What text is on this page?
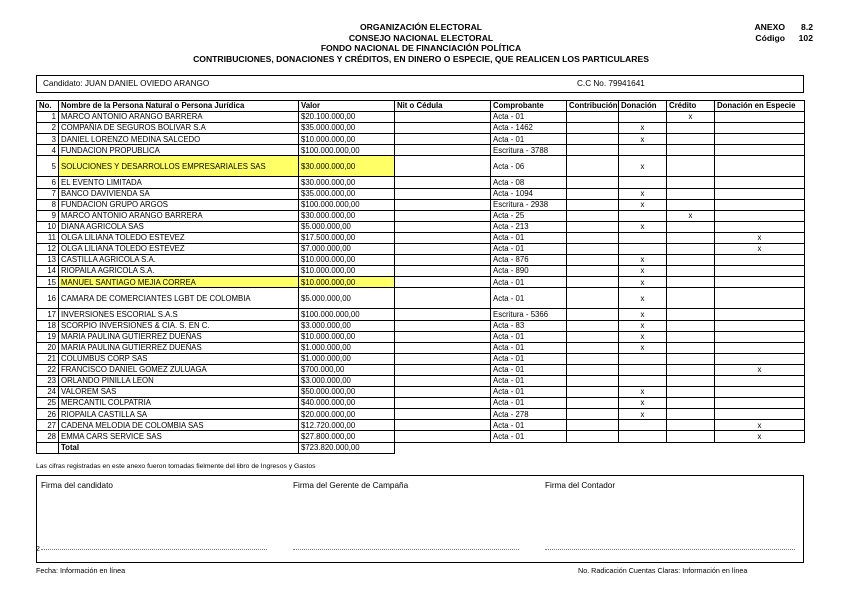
ORGANIZACIÓN ELECTORAL
CONSEJO NACIONAL ELECTORAL
FONDO NACIONAL DE FINANCIACIÓN POLÍTICA
CONTRIBUCIONES, DONACIONES Y CRÉDITOS, EN DINERO O ESPECIE, QUE REALICEN LOS PARTICULARES
ANEXO	8.2
Código	102
Candidato: JUAN DANIEL OVIEDO ARANGO	C.C No. 79941641
No.	Nombre de la Persona Natural o Persona Jurídica	Valor	Nit o Cédula	Comprobante	Contribución	Donación	Crédito	Donación en Especie
1	MARCO ANTONIO ARANGO BARRERA	$20.100.000,00		Acta - 01			x	
2	COMPAÑIA DE SEGUROS BOLIVAR S.A	$35.000.000,00		Acta - 1462		x		
3	DANIEL LORENZO MEDINA SALCEDO	$10.000.000,00		Acta - 01		x		
4	FUNDACION PROPUBLICA	$100.000.000,00		Escritura - 3788				
5	SOLUCIONES Y DESARROLLOS EMPRESARIALES SAS	$30.000.000,00		Acta - 06		x		
6	EL EVENTO LIMITADA	$30.000.000,00		Acta - 08				
7	BANCO DAVIVIENDA SA	$35.000.000,00		Acta - 1094		x		
8	FUNDACION GRUPO ARGOS	$100.000.000,00		Escritura - 2938		x		
9	MARCO ANTONIO ARANGO BARRERA	$30.000.000,00		Acta - 25			x	
10	DIANA AGRICOLA SAS	$5.000.000,00		Acta - 213		x		
11	OLGA LILIANA TOLEDO ESTEVEZ	$17.500.000,00		Acta - 01				x
12	OLGA LILIANA TOLEDO ESTEVEZ	$7.000.000,00		Acta - 01				x
13	CASTILLA AGRICOLA S.A.	$10.000.000,00		Acta - 876		x		
14	RIOPAILA AGRICOLA S.A.	$10.000.000,00		Acta - 890		x		
15	MANUEL SANTIAGO MEJIA CORREA	$10.000.000,00		Acta - 01		x		
16	CAMARA DE COMERCIANTES LGBT DE COLOMBIA	$5.000.000,00		Acta - 01		x		
17	INVERSIONES ESCORIAL S.A.S	$100.000.000,00		Escritura - 5366		x		
18	SCORPIO INVERSIONES & CIA. S. EN C.	$3.000.000,00		Acta - 83		x		
19	MARIA PAULINA GUTIERREZ DUEÑAS	$10.000.000,00		Acta - 01		x		
20	MARIA PAULINA GUTIERREZ DUEÑAS	$1.000.000,00		Acta - 01		x		
21	COLUMBUS CORP SAS	$1.000.000,00		Acta - 01				
22	FRANCISCO DANIEL GOMEZ ZULUAGA	$700.000,00		Acta - 01				x
23	ORLANDO PINILLA LEON	$3.000.000,00		Acta - 01				
24	VALOREM SAS	$50.000.000,00		Acta - 01		x		
25	MERCANTIL COLPATRIA	$40.000.000,00		Acta - 01		x		
26	RIOPAILA CASTILLA SA	$20.000.000,00		Acta - 278		x		
27	CADENA MELODIA DE COLOMBIA SAS	$12.720.000,00		Acta - 01				x
28	EMMA CARS SERVICE SAS	$27.800.000,00		Acta - 01				x
	Total	$723.820.000,00						
Las cifras registradas en este anexo fueron tomadas fielmente del libro de Ingresos y Gastos
Firma del candidato	Firma del Gerente de Campaña	Firma del Contador
2
Fecha: Información en línea	No. Radicación Cuentas Claras: Información en línea
